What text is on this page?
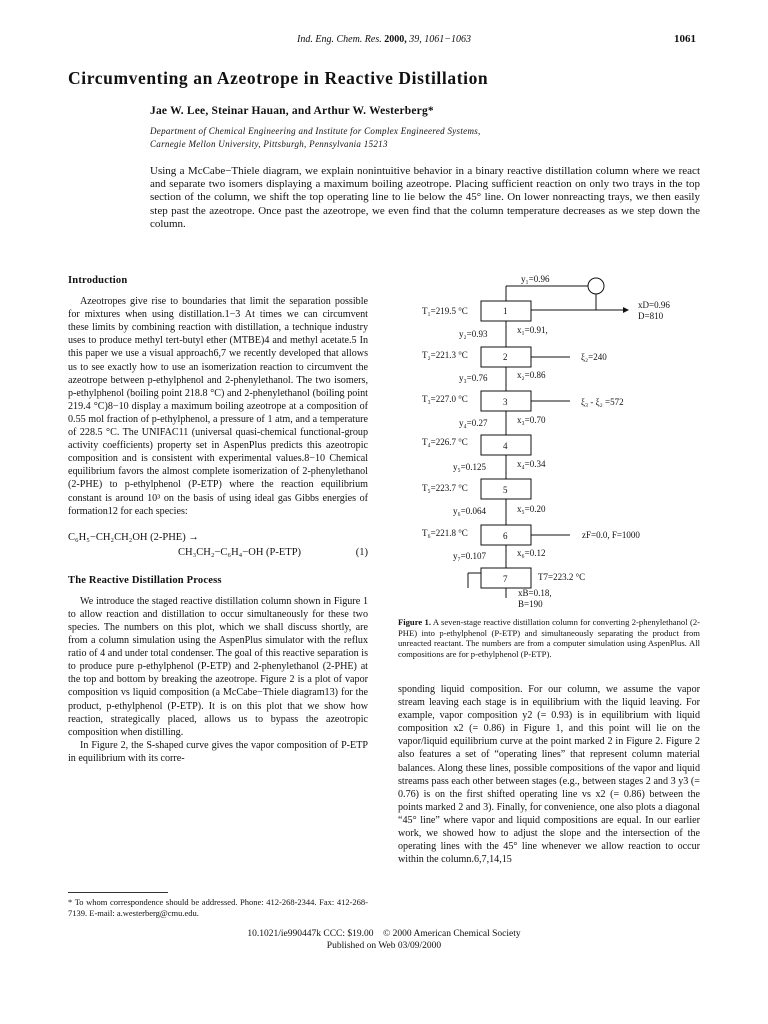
Ind. Eng. Chem. Res. 2000, 39, 1061−1063	1061
Circumventing an Azeotrope in Reactive Distillation
Jae W. Lee, Steinar Hauan, and Arthur W. Westerberg*
Department of Chemical Engineering and Institute for Complex Engineered Systems,
Carnegie Mellon University, Pittsburgh, Pennsylvania 15213
Using a McCabe−Thiele diagram, we explain nonintuitive behavior in a binary reactive distillation column where we react and separate two isomers displaying a maximum boiling azeotrope. Placing sufficient reaction on only two trays in the top section of the column, we shift the top operating line to lie below the 45° line. On lower nonreacting trays, we then easily step past the azeotrope. Once past the azeotrope, we even find that the column temperature decreases as we step down the column.
Introduction

Azeotropes give rise to boundaries that limit the separation possible for mixtures when using distillation.1−3 At times we can circumvent these limits by combining reaction with distillation, a technique industry uses to produce methyl tert-butyl ether (MTBE)4 and methyl acetate.5 In this paper we use a visual approach6,7 we recently developed that allows us to see exactly how to use an isomerization reaction to circumvent the azeotrope between p-ethylphenol and 2-phenylethanol. The two isomers, p-ethylphenol (boiling point 218.8 °C) and 2-phenylethanol (boiling point 219.4 °C)8−10 display a maximum boiling azeotrope at a composition of 0.55 mol fraction of p-ethylphenol, a pressure of 1 atm, and a temperature of 228.5 °C. The UNIFAC11 (universal quasi-chemical functional-group activity coefficients) property set in AspenPlus predicts this azeotropic composition and is consistent with experimental values.8−10 Chemical equilibrium favors the almost complete isomerization of 2-phenylethanol (2-PHE) to p-ethylphenol (P-ETP) where the reaction equilibrium constant is around 10³ on the basis of using ideal gas Gibbs energies of formation12 for each species:

C₆H₅−CH₂CH₂OH (2-PHE) →
CH₃CH₂−C₆H₄−OH (P-ETP)	(1)
The Reactive Distillation Process

We introduce the staged reactive distillation column shown in Figure 1 to allow reaction and distillation to occur simultaneously for these two species. The numbers on this plot, which we shall discuss shortly, are from a column simulation using the AspenPlus simulator with the reflux ratio of 4 and under total condenser. The goal of this reactive separation is to produce pure p-ethylphenol (P-ETP) and 2-phenylethanol (2-PHE) at the top and bottom by breaking the azeotrope. Figure 2 is a plot of vapor composition vs liquid composition (a McCabe−Thiele diagram13) for the product, p-ethylphenol (P-ETP). It is on this plot that we show how reaction, strategically placed, allows us to bypass the azeotropic composition when distilling.

In Figure 2, the S-shaped curve gives the vapor composition of P-ETP in equilibrium with its corre-

* To whom correspondence should be addressed. Phone: 412-268-2344. Fax: 412-268-7139. E-mail: a.westerberg@cmu.edu.
y₁=0.96
T₁=219.5 °C	1
xD=0.96
D=810
y₂=0.93	x₁=0.91,
T₂=221.3 °C	2	ξ₂=240
y₃=0.76	x₂=0.86
T₃=227.0 °C	3	ξ₃ - ξ₂ =572
y₄=0.27	x₃=0.70
T₄=226.7 °C	4
y₅=0.125	x₄=0.34
T₅=223.7 °C	5
y₆=0.064	x₅=0.20
T₆=221.8 °C	6	zF=0.0, F=1000
y₇=0.107	x₆=0.12
7	T7=223.2 °C
xB=0.18,
B=190
Figure 1. A seven-stage reactive distillation column for converting 2-phenylethanol (2-PHE) into p-ethylphenol (P-ETP) and simultaneously separating the product from unreacted reactant. The numbers are from a computer simulation using AspenPlus. All compositions are for p-ethylphenol (P-ETP).

sponding liquid composition. For our column, we assume the vapor stream leaving each stage is in equilibrium with the liquid leaving. For example, vapor composition y2 (= 0.93) is in equilibrium with liquid composition x2 (= 0.86) in Figure 1, and this point will lie on the vapor/liquid equilibrium curve at the point marked 2 in Figure 2. Figure 2 also features a set of “operating lines” that represent column material balances. Along these lines, possible compositions of the vapor and liquid streams pass each other between stages (e.g., between stages 2 and 3 y3 (= 0.76) is on the first shifted operating line vs x2 (= 0.86) between the points marked 2 and 3). Finally, for convenience, one also plots a diagonal “45° line” where vapor and liquid compositions are equal. In our earlier work, we showed how to adjust the slope and the intersection of the operating lines with the 45° line whenever we allow reaction to occur within the column.6,7,14,15

10.1021/ie990447k CCC: $19.00 © 2000 American Chemical Society
Published on Web 03/09/2000
